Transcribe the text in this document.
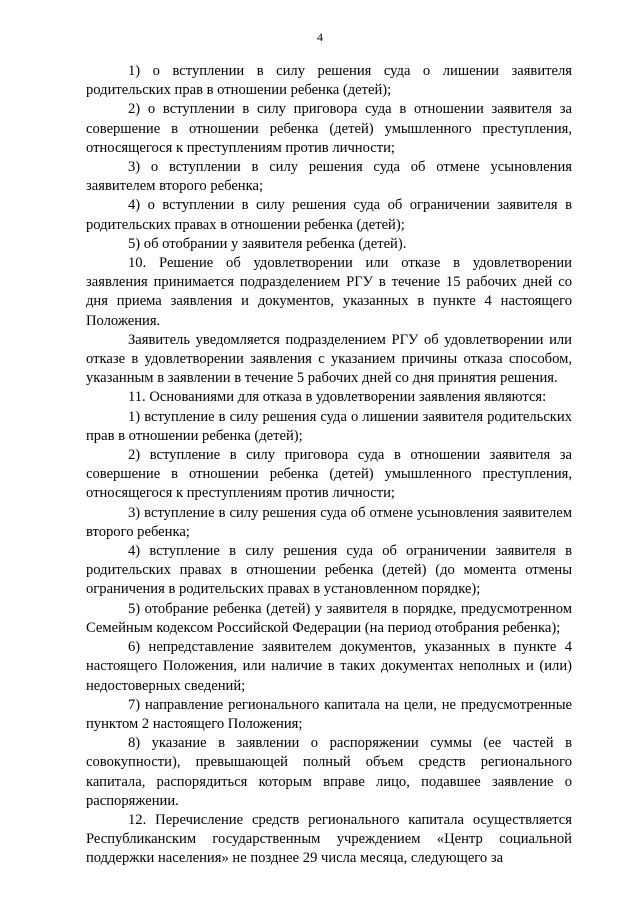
4

1) о вступлении в силу решения суда о лишении заявителя родительских прав в отношении ребенка (детей);

2) о вступлении в силу приговора суда в отношении заявителя за совершение в отношении ребенка (детей) умышленного преступления, относящегося к преступлениям против личности;

3) о вступлении в силу решения суда об отмене усыновления заявителем второго ребенка;

4) о вступлении в силу решения суда об ограничении заявителя в родительских правах в отношении ребенка (детей);

5) об отобрании у заявителя ребенка (детей).

10. Решение об удовлетворении или отказе в удовлетворении заявления принимается подразделением РГУ в течение 15 рабочих дней со дня приема заявления и документов, указанных в пункте 4 настоящего Положения.

Заявитель уведомляется подразделением РГУ об удовлетворении или отказе в удовлетворении заявления с указанием причины отказа способом, указанным в заявлении в течение 5 рабочих дней со дня принятия решения.

11. Основаниями для отказа в удовлетворении заявления являются:

1) вступление в силу решения суда о лишении заявителя родительских прав в отношении ребенка (детей);

2) вступление в силу приговора суда в отношении заявителя за совершение в отношении ребенка (детей) умышленного преступления, относящегося к преступлениям против личности;

3) вступление в силу решения суда об отмене усыновления заявителем второго ребенка;

4) вступление в силу решения суда об ограничении заявителя в родительских правах в отношении ребенка (детей) (до момента отмены ограничения в родительских правах в установленном порядке);

5) отобрание ребенка (детей) у заявителя в порядке, предусмотренном Семейным кодексом Российской Федерации (на период отобрания ребенка);

6) непредставление заявителем документов, указанных в пункте 4 настоящего Положения, или наличие в таких документах неполных и (или) недостоверных сведений;

7) направление регионального капитала на цели, не предусмотренные пунктом 2 настоящего Положения;

8) указание в заявлении о распоряжении суммы (ее частей в совокупности), превышающей полный объем средств регионального капитала, распорядиться которым вправе лицо, подавшее заявление о распоряжении.

12. Перечисление средств регионального капитала осуществляется Республиканским государственным учреждением «Центр социальной поддержки населения» не позднее 29 числа месяца, следующего за
